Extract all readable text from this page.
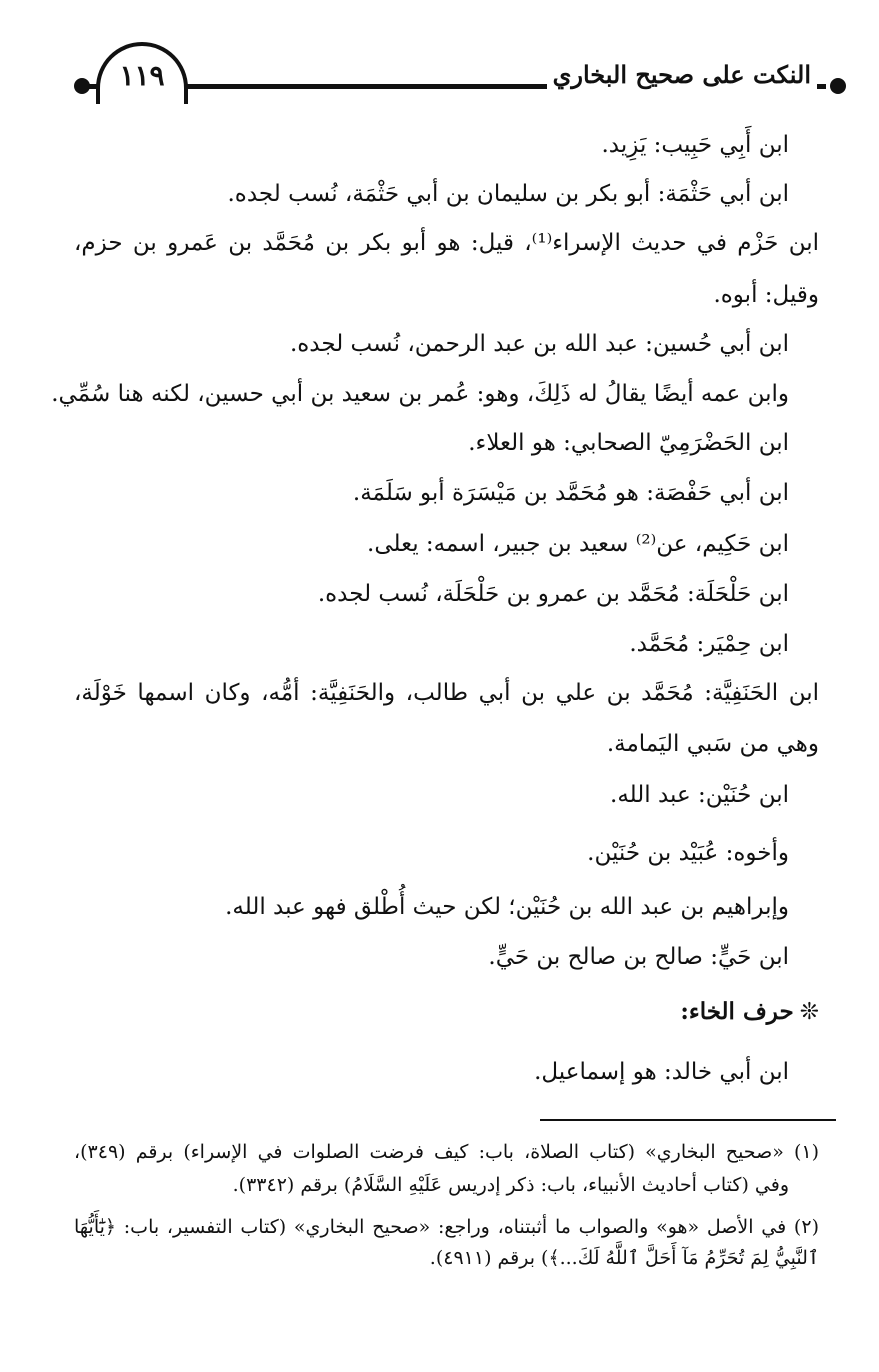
١١٩	النكت على صحيح البخاري
ابن أَبِي حَبِيب: يَزِيد.
ابن أبي حَثْمَة: أبو بكر بن سليمان بن أبي حَثْمَة، نُسب لجده.
ابن حَزْم في حديث الإسراء⁽¹⁾، قيل: هو أبو بكر بن مُحَمَّد بن عَمرو بن حزم،
وقيل: أبوه.
ابن أبي حُسين: عبد الله بن عبد الرحمن، نُسب لجده.
وابن عمه أيضًا يقالُ له ذَلِكَ، وهو: عُمر بن سعيد بن أبي حسين، لكنه هنا سُمِّي.
ابن الحَضْرَمِيّ الصحابي: هو العلاء.
ابن أبي حَفْصَة: هو مُحَمَّد بن مَيْسَرَة أبو سَلَمَة.
ابن حَكِيم، عن⁽²⁾ سعيد بن جبير، اسمه: يعلى.
ابن حَلْحَلَة: مُحَمَّد بن عمرو بن حَلْحَلَة، نُسب لجده.
ابن حِمْيَر: مُحَمَّد.
ابن الحَنَفِيَّة: مُحَمَّد بن علي بن أبي طالب، والحَنَفِيَّة: أمُّه، وكان اسمها خَوْلَة،
وهي من سَبي اليَمامة.
ابن حُنَيْن: عبد الله.
وأخوه: عُبَيْد بن حُنَيْن.
وإبراهيم بن عبد الله بن حُنَيْن؛ لكن حيث أُطْلق فهو عبد الله.
ابن حَيٍّ: صالح بن صالح بن حَيٍّ.
❊حرف الخاء:
ابن أبي خالد: هو إسماعيل.
(١) «صحيح البخاري» (كتاب الصلاة، باب: كيف فرضت الصلوات في الإسراء) برقم (٣٤٩)،
وفي (كتاب أحاديث الأنبياء، باب: ذكر إدريس عَلَيْهِ السَّلَامُ) برقم (٣٣٤٢).
(٢) في الأصل «هو» والصواب ما أثبتناه، وراجع: «صحيح البخاري» (كتاب التفسير، باب: ﴿يَٰٓأَيُّهَا
ٱلنَّبِيُّ لِمَ تُحَرِّمُ مَآ أَحَلَّ ٱللَّهُ لَكَ...﴾) برقم (٤٩١١).
